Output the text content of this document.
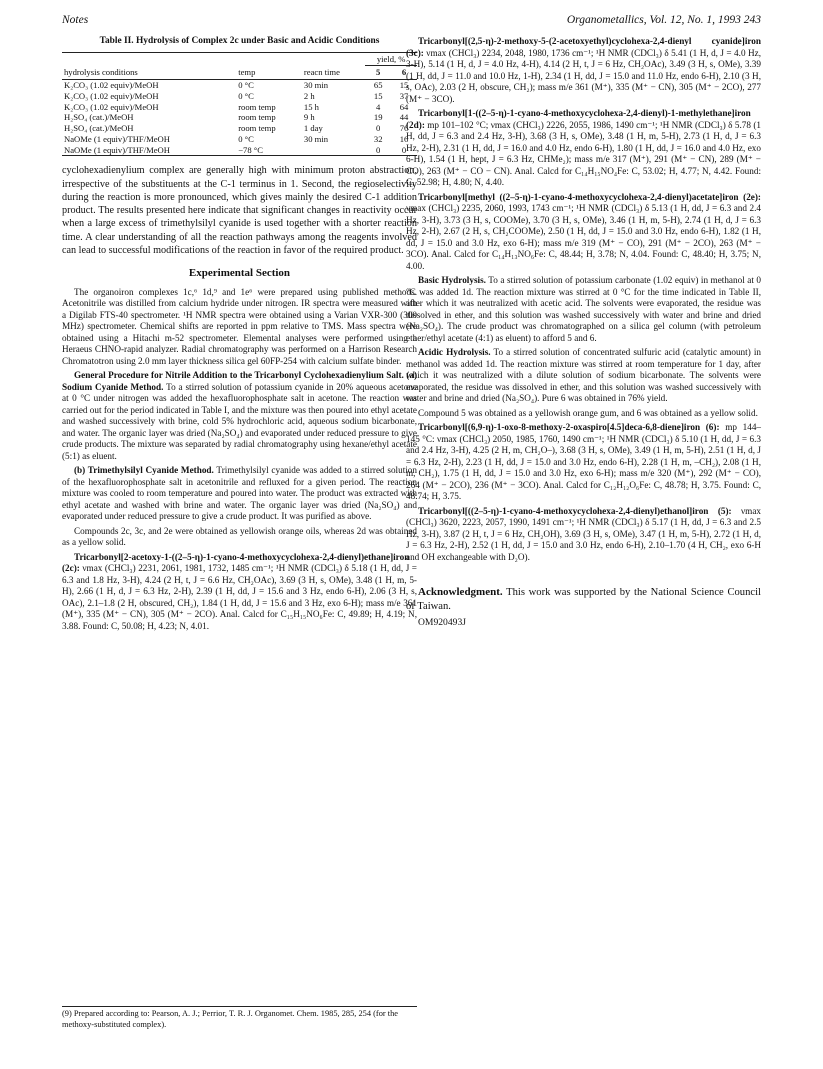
Notes	Organometallics, Vol. 12, No. 1, 1993 243
Table II. Hydrolysis of Complex 2c under Basic and Acidic Conditions
			yield, %	
hydrolysis conditions	temp	reacn time	5	6
K₂CO₃ (1.02 equiv)/MeOH	0 °C	30 min	65	15
K₂CO₃ (1.02 equiv)/MeOH	0 °C	2 h	15	37
K₂CO₃ (1.02 equiv)/MeOH	room temp	15 h	4	64
H₂SO₄ (cat.)/MeOH	room temp	9 h	19	44
H₂SO₄ (cat.)/MeOH	room temp	1 day	0	76
NaOMe (1 equiv)/THF/MeOH	0 °C	30 min	32	16
NaOMe (1 equiv)/THF/MeOH	−78 °C		0	0

cyclohexadienylium complex are generally high with minimum proton abstraction, irrespective of the substituents at the C-1 terminus in 1. Second, the regioselectivity during the reaction is more pronounced, which gives mainly the desired C-1 addition product. The results presented here indicate that significant changes in reactivity occur when a large excess of trimethylsilyl cyanide is used together with a shorter reaction time. A clear understanding of all the reaction pathways among the reagents involved can lead to successful modifications of the reaction in favor of the required product.

Experimental Section

The organoiron complexes 1c,⁶ 1d,⁹ and 1e⁶ were prepared using published methods. Acetonitrile was distilled from calcium hydride under nitrogen. IR spectra were measured with a Digilab FTS-40 spectrometer. ¹H NMR spectra were obtained using a Varian VXR-300 (300 MHz) spectrometer. Chemical shifts are reported in ppm relative to TMS. Mass spectra were obtained using a Hitachi m-52 spectrometer. Elemental analyses were performed using a Heraeus CHNO-rapid analyzer. Radial chromatography was performed on a Harrison Research Chromatotron using 2.0 mm layer thickness silica gel 60FP-254 with calcium sulfate binder.

General Procedure for Nitrile Addition to the Tricarbonyl Cyclohexadienylium Salt. (a) Sodium Cyanide Method. To a stirred solution of potassium cyanide in 20% aqueous acetone at 0 °C under nitrogen was added the hexafluorophosphate salt in acetone. The reaction was carried out for the period indicated in Table I, and the mixture was then poured into ethyl acetate and washed successively with brine, cold 5% hydrochloric acid, aqueous sodium bicarbonate, and water. The organic layer was dried (Na₂SO₄) and evaporated under reduced pressure to give crude products. The mixture was separated by radial chromatography using hexane/ethyl acetate (5:1) as eluent.

(b) Trimethylsilyl Cyanide Method. Trimethylsilyl cyanide was added to a stirred solution of the hexafluorophosphate salt in acetonitrile and refluxed for a given period. The reaction mixture was cooled to room temperature and poured into water. The product was extracted with ethyl acetate and washed with brine and water. The organic layer was dried (Na₂SO₄) and evaporated under reduced pressure to give a crude product. It was purified as above.

Compounds 2c, 3c, and 2e were obtained as yellowish orange oils, whereas 2d was obtained as a yellow solid.

Tricarbonyl[2-acetoxy-1-((2–5-η)-1-cyano-4-methoxycyclohexa-2,4-dienyl)ethane]iron (2c): νmax (CHCl₃) 2231, 2061, 1981, 1732, 1485 cm⁻¹; ¹H NMR (CDCl₃) δ 5.18 (1 H, dd, J = 6.3 and 1.8 Hz, 3-H), 4.24 (2 H, t, J = 6.6 Hz, CH₂OAc), 3.69 (3 H, s, OMe), 3.48 (1 H, m, 5-H), 2.66 (1 H, d, J = 6.3 Hz, 2-H), 2.39 (1 H, dd, J = 15.6 and 3 Hz, endo 6-H), 2.06 (3 H, s, OAc), 2.1–1.8 (2 H, obscured, CH₂), 1.84 (1 H, dd, J = 15.6 and 3 Hz, exo 6-H); mass m/e 361 (M⁺), 335 (M⁺ − CN), 305 (M⁺ − 2CO). Anal. Calcd for C₁₅H₁₅NO₆Fe: C, 49.89; H, 4.19; N, 3.88. Found: C, 50.08; H, 4.23; N, 4.01.

(9) Prepared according to: Pearson, A. J.; Perrior, T. R. J. Organomet. Chem. 1985, 285, 254 (for the methoxy-substituted complex).

Tricarbonyl[(2,5-η)-2-methoxy-5-(2-acetoxyethyl)cyclohexa-2,4-dienyl cyanide]iron (3c): νmax (CHCl₃) 2234, 2048, 1980, 1736 cm⁻¹; ¹H NMR (CDCl₃) δ 5.41 (1 H, d, J = 4.0 Hz, 3-H), 5.14 (1 H, d, J = 4.0 Hz, 4-H), 4.14 (2 H, t, J = 6 Hz, CH₂OAc), 3.49 (3 H, s, OMe), 3.39 (1 H, dd, J = 11.0 and 10.0 Hz, 1-H), 2.34 (1 H, dd, J = 15.0 and 11.0 Hz, endo 6-H), 2.10 (3 H, s, OAc), 2.03 (2 H, obscure, CH₂); mass m/e 361 (M⁺), 335 (M⁺ − CN), 305 (M⁺ − 2CO), 277 (M⁺ − 3CO).

Tricarbonyl[1-((2–5-η)-1-cyano-4-methoxycyclohexa-2,4-dienyl)-1-methylethane]iron (2d): mp 101–102 °C; νmax (CHCl₃) 2226, 2055, 1986, 1490 cm⁻¹; ¹H NMR (CDCl₃) δ 5.78 (1 H, dd, J = 6.3 and 2.4 Hz, 3-H), 3.68 (3 H, s, OMe), 3.48 (1 H, m, 5-H), 2.73 (1 H, d, J = 6.3 Hz, 2-H), 2.31 (1 H, dd, J = 16.0 and 4.0 Hz, endo 6-H), 1.80 (1 H, dd, J = 16.0 and 4.0 Hz, exo 6-H), 1.54 (1 H, hept, J = 6.3 Hz, CHMe₂); mass m/e 317 (M⁺), 291 (M⁺ − CN), 289 (M⁺ − CO), 263 (M⁺ − CO − CN). Anal. Calcd for C₁₄H₁₅NO₄Fe: C, 53.02; H, 4.77; N, 4.42. Found: C, 52.98; H, 4.80; N, 4.40.

Tricarbonyl[methyl ((2–5-η)-1-cyano-4-methoxycyclohexa-2,4-dienyl)acetate]iron (2e): νmax (CHCl₃) 2235, 2060, 1993, 1743 cm⁻¹; ¹H NMR (CDCl₃) δ 5.13 (1 H, dd, J = 6.3 and 2.4 Hz, 3-H), 3.73 (3 H, s, COOMe), 3.70 (3 H, s, OMe), 3.46 (1 H, m, 5-H), 2.74 (1 H, d, J = 6.3 Hz, 2-H), 2.67 (2 H, s, CH₂COOMe), 2.50 (1 H, dd, J = 15.0 and 3.0 Hz, endo 6-H), 1.82 (1 H, dd, J = 15.0 and 3.0 Hz, exo 6-H); mass m/e 319 (M⁺ − CO), 291 (M⁺ − 2CO), 263 (M⁺ − 3CO). Anal. Calcd for C₁₄H₁₃NO₆Fe: C, 48.44; H, 3.78; N, 4.04. Found: C, 48.40; H, 3.75; N, 4.00.

Basic Hydrolysis. To a stirred solution of potassium carbonate (1.02 equiv) in methanol at 0 °C was added 1d. The reaction mixture was stirred at 0 °C for the time indicated in Table II, after which it was neutralized with acetic acid. The solvents were evaporated, the residue was dissolved in ether, and this solution was washed successively with water and brine and dried (Na₂SO₄). The crude product was chromatographed on a silica gel column (with petroleum ether/ethyl acetate (4:1) as eluent) to afford 5 and 6.

Acidic Hydrolysis. To a stirred solution of concentrated sulfuric acid (catalytic amount) in methanol was added 1d. The reaction mixture was stirred at room temperature for 1 day, after which it was neutralized with a dilute solution of sodium bicarbonate. The solvents were evaporated, the residue was dissolved in ether, and this solution was washed successively with water and brine and dried (Na₂SO₄). Pure 6 was obtained in 76% yield.

Compound 5 was obtained as a yellowish orange gum, and 6 was obtained as a yellow solid.

Tricarbonyl[(6,9-η)-1-oxo-8-methoxy-2-oxaspiro[4.5]deca-6,8-diene]iron (6): mp 144–145 °C: νmax (CHCl₃) 2050, 1985, 1760, 1490 cm⁻¹; ¹H NMR (CDCl₃) δ 5.10 (1 H, dd, J = 6.3 and 2.4 Hz, 3-H), 4.25 (2 H, m, CH₂O–), 3.68 (3 H, s, OMe), 3.49 (1 H, m, 5-H), 2.51 (1 H, d, J = 6.3 Hz, 2-H), 2.23 (1 H, dd, J = 15.0 and 3.0 Hz, endo 6-H), 2.28 (1 H, m, –CH₂), 2.08 (1 H, m, CH₂), 1.75 (1 H, dd, J = 15.0 and 3.0 Hz, exo 6-H); mass m/e 320 (M⁺), 292 (M⁺ − CO), 264 (M⁺ − 2CO), 236 (M⁺ − 3CO). Anal. Calcd for C₁₂H₁₂O₆Fe: C, 48.78; H, 3.75. Found: C, 48.74; H, 3.75.

Tricarbonyl[((2–5-η)-1-cyano-4-methoxycyclohexa-2,4-dienyl)ethanol]iron (5): νmax (CHCl₃) 3620, 2223, 2057, 1990, 1491 cm⁻¹; ¹H NMR (CDCl₃) δ 5.17 (1 H, dd, J = 6.3 and 2.5 Hz, 3-H), 3.87 (2 H, t, J = 6 Hz, CH₂OH), 3.69 (3 H, s, OMe), 3.47 (1 H, m, 5-H), 2.72 (1 H, d, J = 6.3 Hz, 2-H), 2.52 (1 H, dd, J = 15.0 and 3.0 Hz, endo 6-H), 2.10–1.70 (4 H, CH₂, exo 6-H and OH exchangeable with D₂O).

Acknowledgment. This work was supported by the National Science Council of Taiwan.

OM920493J
